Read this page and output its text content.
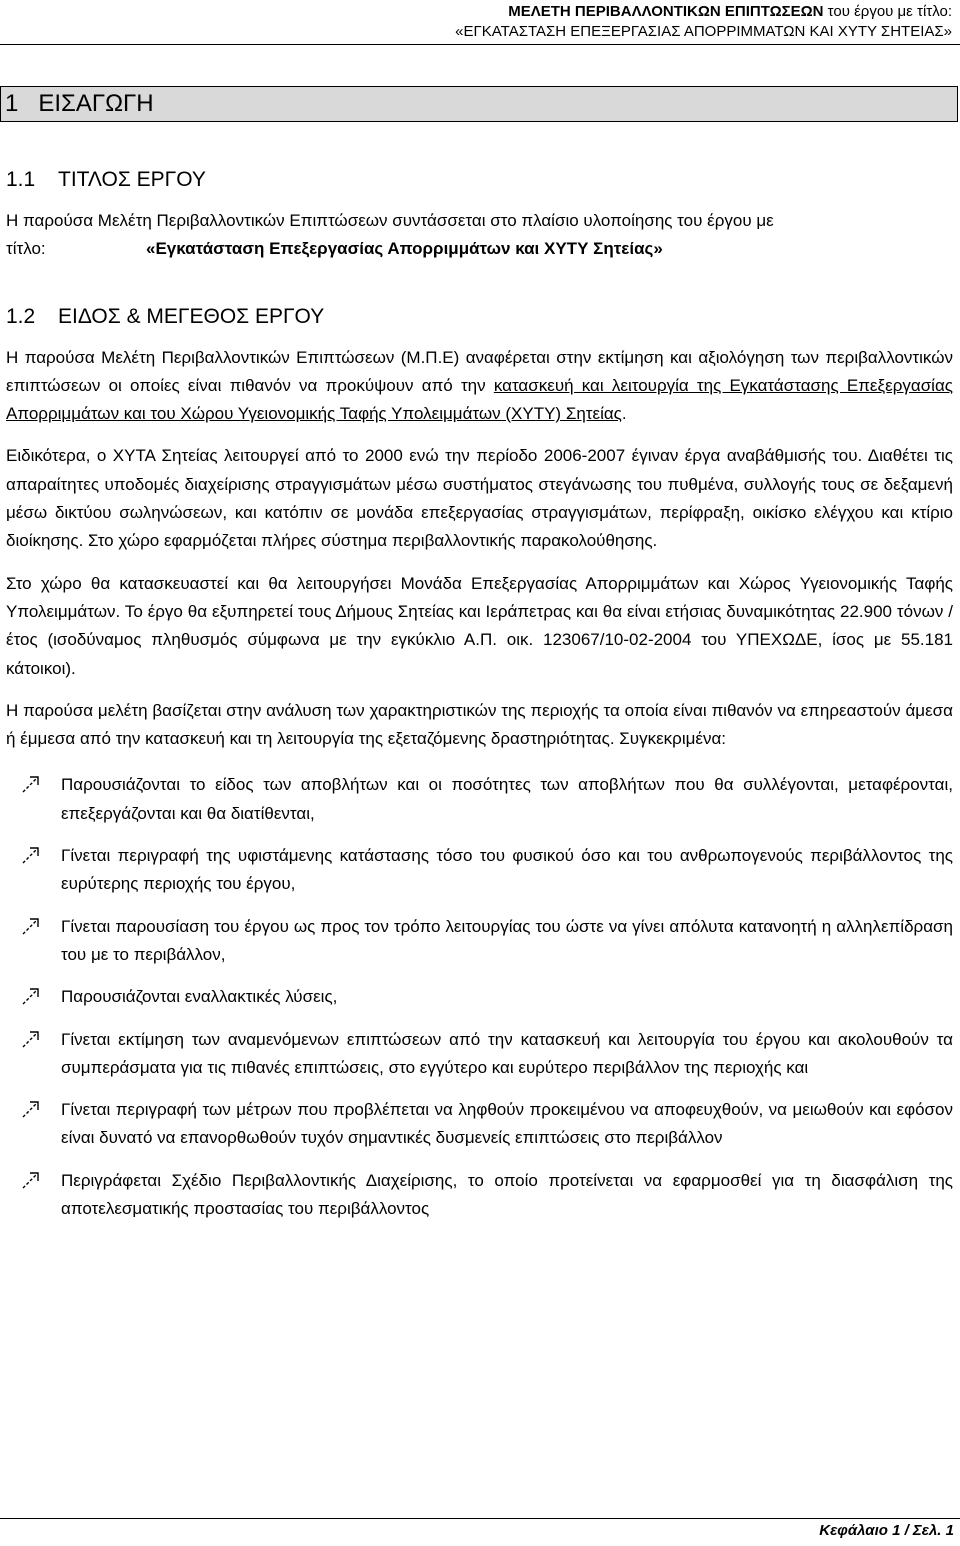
ΜΕΛΕΤΗ ΠΕΡΙΒΑΛΛΟΝΤΙΚΩΝ ΕΠΙΠΤΩΣΕΩΝ του έργου με τίτλο:
«ΕΓΚΑΤΑΣΤΑΣΗ ΕΠΕΞΕΡΓΑΣΙΑΣ ΑΠΟΡΡΙΜΜΑΤΩΝ ΚΑΙ ΧΥΤΥ ΣΗΤΕΙΑΣ»
1 ΕΙΣΑΓΩΓΗ
1.1 ΤΙΤΛΟΣ ΕΡΓΟΥ

Η παρούσα Μελέτη Περιβαλλοντικών Επιπτώσεων συντάσσεται στο πλαίσιο υλοποίησης του έργου με

τίτλο:	«Εγκατάσταση Επεξεργασίας Απορριμμάτων και ΧΥΤΥ Σητείας»

1.2 ΕΙΔΟΣ & ΜΕΓΕΘΟΣ ΕΡΓΟΥ

Η παρούσα Μελέτη Περιβαλλοντικών Επιπτώσεων (Μ.Π.Ε) αναφέρεται στην εκτίμηση και αξιολόγηση των περιβαλλοντικών επιπτώσεων οι οποίες είναι πιθανόν να προκύψουν από την κατασκευή και λειτουργία της Εγκατάστασης Επεξεργασίας Απορριμμάτων και του Χώρου Υγειονομικής Ταφής Υπολειμμάτων (ΧΥΤΥ) Σητείας.

Ειδικότερα, ο ΧΥΤΑ Σητείας λειτουργεί από το 2000 ενώ την περίοδο 2006-2007 έγιναν έργα αναβάθμισής του. Διαθέτει τις απαραίτητες υποδομές διαχείρισης στραγγισμάτων μέσω συστήματος στεγάνωσης του πυθμένα, συλλογής τους σε δεξαμενή μέσω δικτύου σωληνώσεων, και κατόπιν σε μονάδα επεξεργασίας στραγγισμάτων, περίφραξη, οικίσκο ελέγχου και κτίριο διοίκησης. Στο χώρο εφαρμόζεται πλήρες σύστημα περιβαλλοντικής παρακολούθησης.

Στο χώρο θα κατασκευαστεί και θα λειτουργήσει Μονάδα Επεξεργασίας Απορριμμάτων και Χώρος Υγειονομικής Ταφής Υπολειμμάτων. Το έργο θα εξυπηρετεί τους Δήμους Σητείας και Ιεράπετρας και θα είναι ετήσιας δυναμικότητας 22.900 τόνων / έτος (ισοδύναμος πληθυσμός σύμφωνα με την εγκύκλιο Α.Π. οικ. 123067/10-02-2004 του ΥΠΕΧΩΔΕ, ίσος με 55.181 κάτοικοι).

Η παρούσα μελέτη βασίζεται στην ανάλυση των χαρακτηριστικών της περιοχής τα οποία είναι πιθανόν να επηρεαστούν άμεσα ή έμμεσα από την κατασκευή και τη λειτουργία της εξεταζόμενης δραστηριότητας. Συγκεκριμένα:

Παρουσιάζονται το είδος των αποβλήτων και οι ποσότητες των αποβλήτων που θα συλλέγονται, μεταφέρονται, επεξεργάζονται και θα διατίθενται,
Γίνεται περιγραφή της υφιστάμενης κατάστασης τόσο του φυσικού όσο και του ανθρωπογενούς περιβάλλοντος της ευρύτερης περιοχής του έργου,
Γίνεται παρουσίαση του έργου ως προς τον τρόπο λειτουργίας του ώστε να γίνει απόλυτα κατανοητή η αλληλεπίδραση του με το περιβάλλον,
Παρουσιάζονται εναλλακτικές λύσεις,
Γίνεται εκτίμηση των αναμενόμενων επιπτώσεων από την κατασκευή και λειτουργία του έργου και ακολουθούν τα συμπεράσματα για τις πιθανές επιπτώσεις, στο εγγύτερο και ευρύτερο περιβάλλον της περιοχής και
Γίνεται περιγραφή των μέτρων που προβλέπεται να ληφθούν προκειμένου να αποφευχθούν, να μειωθούν και εφόσον είναι δυνατό να επανορθωθούν τυχόν σημαντικές δυσμενείς επιπτώσεις στο περιβάλλον
Περιγράφεται Σχέδιο Περιβαλλοντικής Διαχείρισης, το οποίο προτείνεται να εφαρμοσθεί για τη διασφάλιση της αποτελεσματικής προστασίας του περιβάλλοντος
Κεφάλαιο 1 / Σελ. 1
